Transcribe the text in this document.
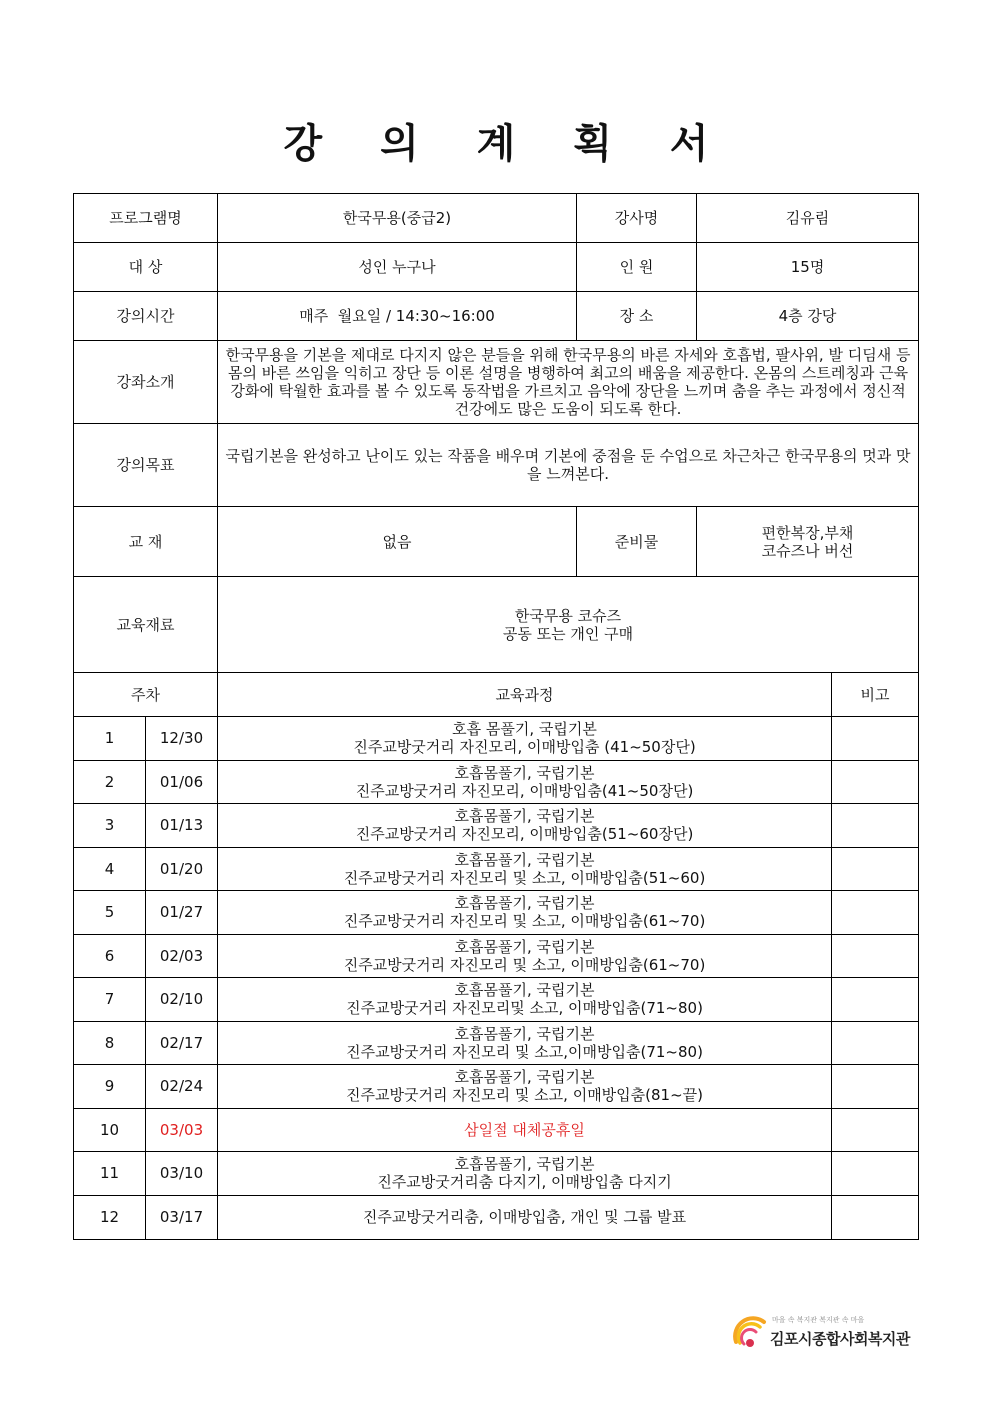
강 의 계 획 서
프로그램명		한국무용(중급2)	강사명	김유림	
대 상		성인 누구나	인 원	15명	
강의시간		매주  월요일 / 14:30~16:00	장 소	4층 강당	
강좌소개		한국무용을 기본을 제대로 다지지 않은 분들을 위해 한국무용의 바른 자세와 호흡법, 팔사위, 발 디딤새 등 몸의 바른 쓰임을 익히고 장단 등 이론 설명을 병행하여 최고의 배움을 제공한다. 온몸의 스트레칭과 근육 강화에 탁월한 효과를 볼 수 있도록 동작법을 가르치고 음악에 장단을 느끼며 춤을 추는 과정에서 정신적 건강에도 많은 도움이 되도록 한다.			
강의목표		국립기본을 완성하고 난이도 있는 작품을 배우며 기본에 중점을 둔 수업으로 차근차근 한국무용의 멋과 맛을 느껴본다.			
교 재		없음	준비물	편한복장,부채
코슈즈나 버선	

교육재료		한국무용 코슈즈
공동 또는 개인 구매			

주차		교육과정			비고
1	12/30	호흡 몸풀기, 국립기본
진주교방굿거리 자진모리, 이매방입춤 (41~50장단)			

2	01/06	호흡몸풀기, 국립기본
진주교방굿거리 자진모리, 이매방입춤(41~50장단)			

3	01/13	호흡몸풀기, 국립기본
진주교방굿거리 자진모리, 이매방입춤(51~60장단)			

4	01/20	호흡몸풀기, 국립기본
진주교방굿거리 자진모리 및 소고, 이매방입춤(51~60)			

5	01/27	호흡몸풀기, 국립기본
진주교방굿거리 자진모리 및 소고, 이매방입춤(61~70)			

6	02/03	호흡몸풀기, 국립기본
진주교방굿거리 자진모리 및 소고, 이매방입춤(61~70)			

7	02/10	호흡몸풀기, 국립기본
진주교방굿거리 자진모리및 소고, 이매방입춤(71~80)			

8	02/17	호흡몸풀기, 국립기본
진주교방굿거리 자진모리 및 소고,이매방입춤(71~80)			

9	02/24	호흡몸풀기, 국립기본
진주교방굿거리 자진모리 및 소고, 이매방입춤(81~끝)			

10	03/03	삼일절 대체공휴일			

11	03/10	호흡몸풀기, 국립기본
진주교방굿거리춤 다지기, 이매방입춤 다지기			

12	03/17	진주교방굿거리춤, 이매방입춤, 개인 및 그룹 발표			

마을 속 복지관 복지관 속 마을
김포시종합사회복지관
